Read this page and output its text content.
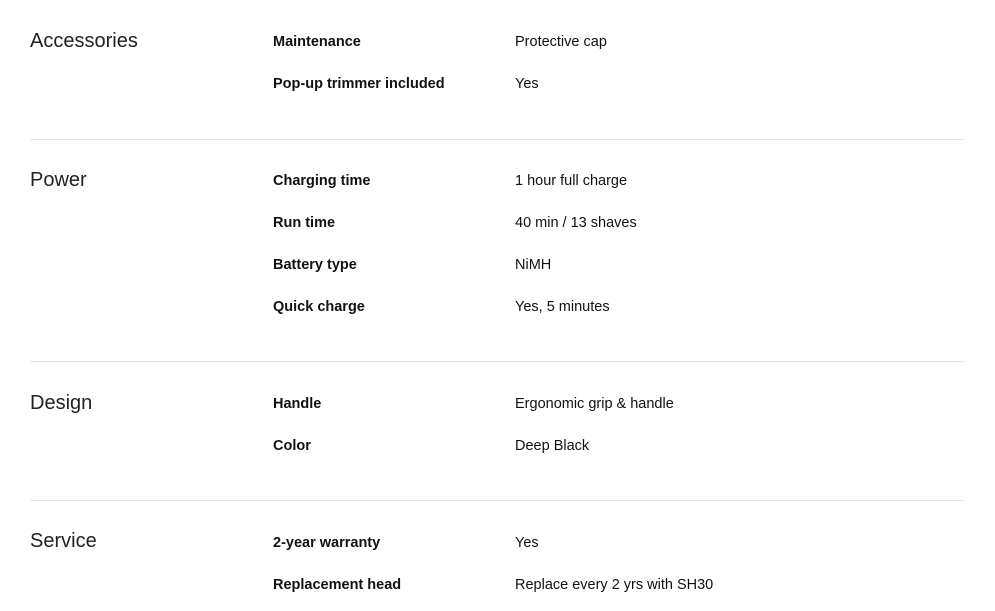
Accessories	Maintenance	Protective cap
Pop-up trimmer included	Yes
Power	Charging time	1 hour full charge
Run time	40 min / 13 shaves
Battery type	NiMH
Quick charge	Yes, 5 minutes
Design	Handle	Ergonomic grip & handle
Color	Deep Black
Service	2-year warranty	Yes
Replacement head	Replace every 2 yrs with SH30
